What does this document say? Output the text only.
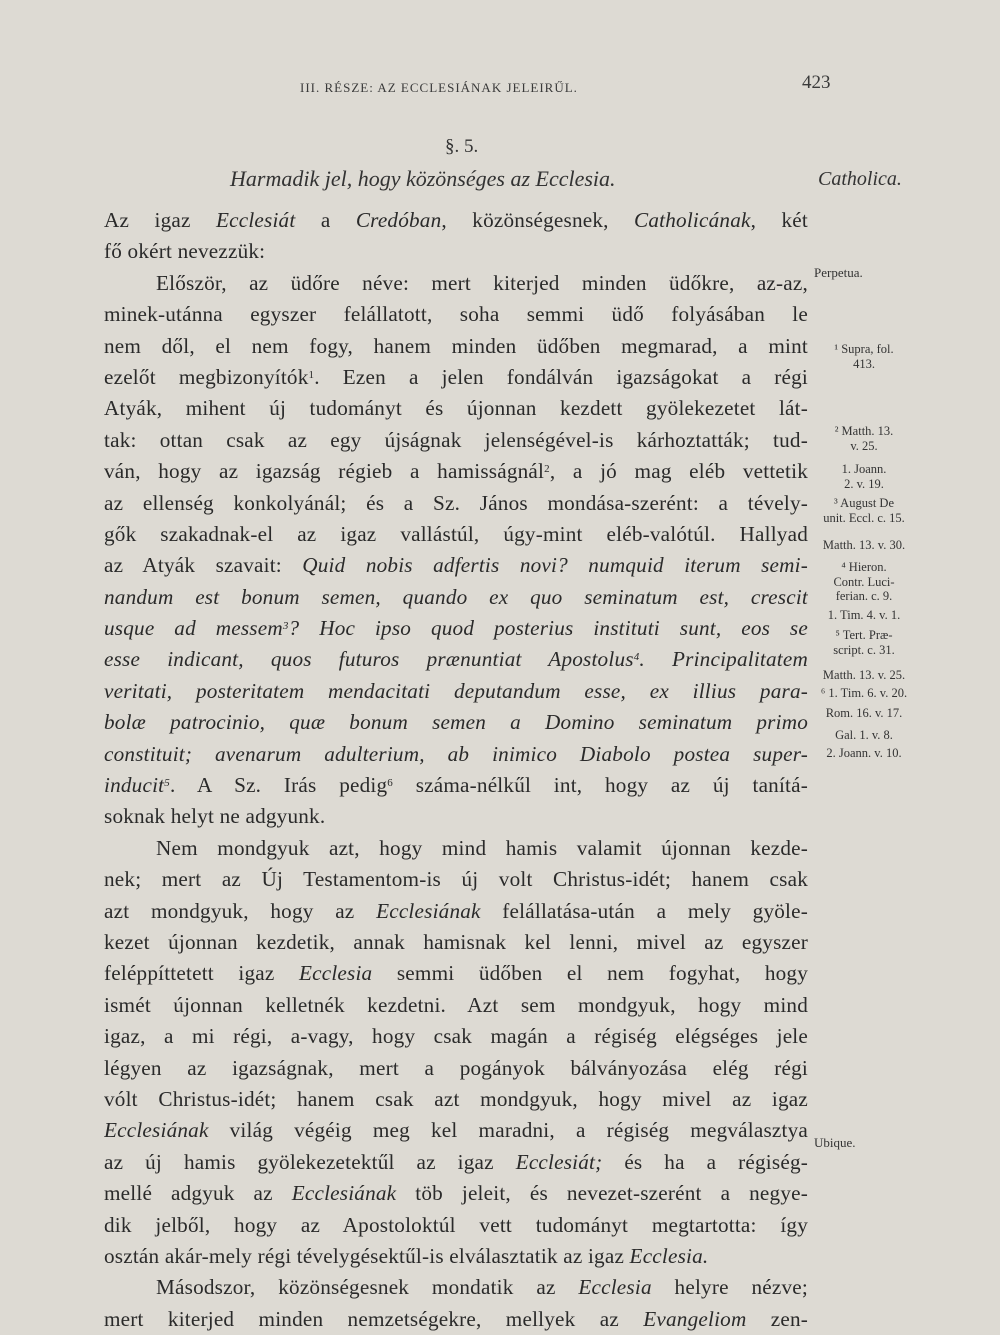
III. RÉSZE: AZ ECCLESIÁNAK JELEIRŰL.	423
§. 5.
Harmadik jel, hogy közönséges az Ecclesia.	Catholica.
Az igaz Ecclesiát a Credóban, közönségesnek, Catholicának, két
fő okért nevezzük:
Először, az üdőre néve: mert kiterjed minden üdőkre, az-az,
minek-utánna egyszer felállatott, soha semmi üdő folyásában le
nem dől, el nem fogy, hanem minden üdőben megmarad, a mint
ezelőt megbizonyítók$^1$. Ezen a jelen fondálván igazságokat a régi
Atyák, mihent új tudományt és újonnan kezdett gyölekezetet lát-
tak: ottan csak az egy újságnak jelenségével-is kárhoztatták; tud-
ván, hogy az igazság régieb a hamisságnál$^2$, a jó mag eléb vettetik
az ellenség konkolyánál; és a Sz. János mondása-szerént: a tévely-
gők szakadnak-el az igaz vallástúl, úgy-mint eléb-valótúl. Hallyad
az Atyák szavait: Quid nobis adfertis novi? numquid iterum semi-
nandum est bonum semen, quando ex quo seminatum est, crescit
usque ad messem$^3$? Hoc ipso quod posterius instituti sunt, eos se
esse indicant, quos futuros prænuntiat Apostolus$^4$. Principalitatem
veritati, posteritatem mendacitati deputandum esse, ex illius para-
bolæ patrocinio, quæ bonum semen a Domino seminatum primo
constituit; avenarum adulterium, ab inimico Diabolo postea super-
inducit$^5$. A Sz. Irás pedig$^6$ száma-nélkűl int, hogy az új tanítá-
soknak helyt ne adgyunk.
Nem mondgyuk azt, hogy mind hamis valamit újonnan kezde-
nek; mert az Új Testamentom-is új volt Christus-idét; hanem csak
azt mondgyuk, hogy az Ecclesiának felállatása-után a mely gyöle-
kezet újonnan kezdetik, annak hamisnak kel lenni, mivel az egyszer
feléppíttetett igaz Ecclesia semmi üdőben el nem fogyhat, hogy
ismét újonnan kelletnék kezdetni. Azt sem mondgyuk, hogy mind
igaz, a mi régi, a-vagy, hogy csak magán a régiség elégséges jele
légyen az igazságnak, mert a pogányok bálványozása elég régi
vólt Christus-idét; hanem csak azt mondgyuk, hogy mivel az igaz
Ecclesiának világ végéig meg kel maradni, a régiség megválasztya
az új hamis gyölekezetektűl az igaz Ecclesiát; és ha a régiség-
mellé adgyuk az Ecclesiának töb jeleit, és nevezet-szerént a negye-
dik jelből, hogy az Apostoloktúl vett tudományt megtartotta: így
osztán akár-mely régi tévelygésektűl-is elválasztatik az igaz Ecclesia.
Másodszor, közönségesnek mondatik az Ecclesia helyre nézve;
mert kiterjed minden nemzetségekre, mellyek az Evangeliom zen-
Perpetua.
Ubique.
¹ Supra, fol.
413.
² Matth. 13.
v. 25.
1. Joann.
2. v. 19.
³ August De
unit. Eccl. c. 15.
Matth. 13. v. 30.
⁴ Hieron.
Contr. Luci-
ferian. c. 9.
1. Tim. 4. v. 1.
⁵ Tert. Præ-
script. c. 31.
Matth. 13. v. 25.
⁶ 1. Tim. 6. v. 20.
Rom. 16. v. 17.
Gal. 1. v. 8.
2. Joann. v. 10.
